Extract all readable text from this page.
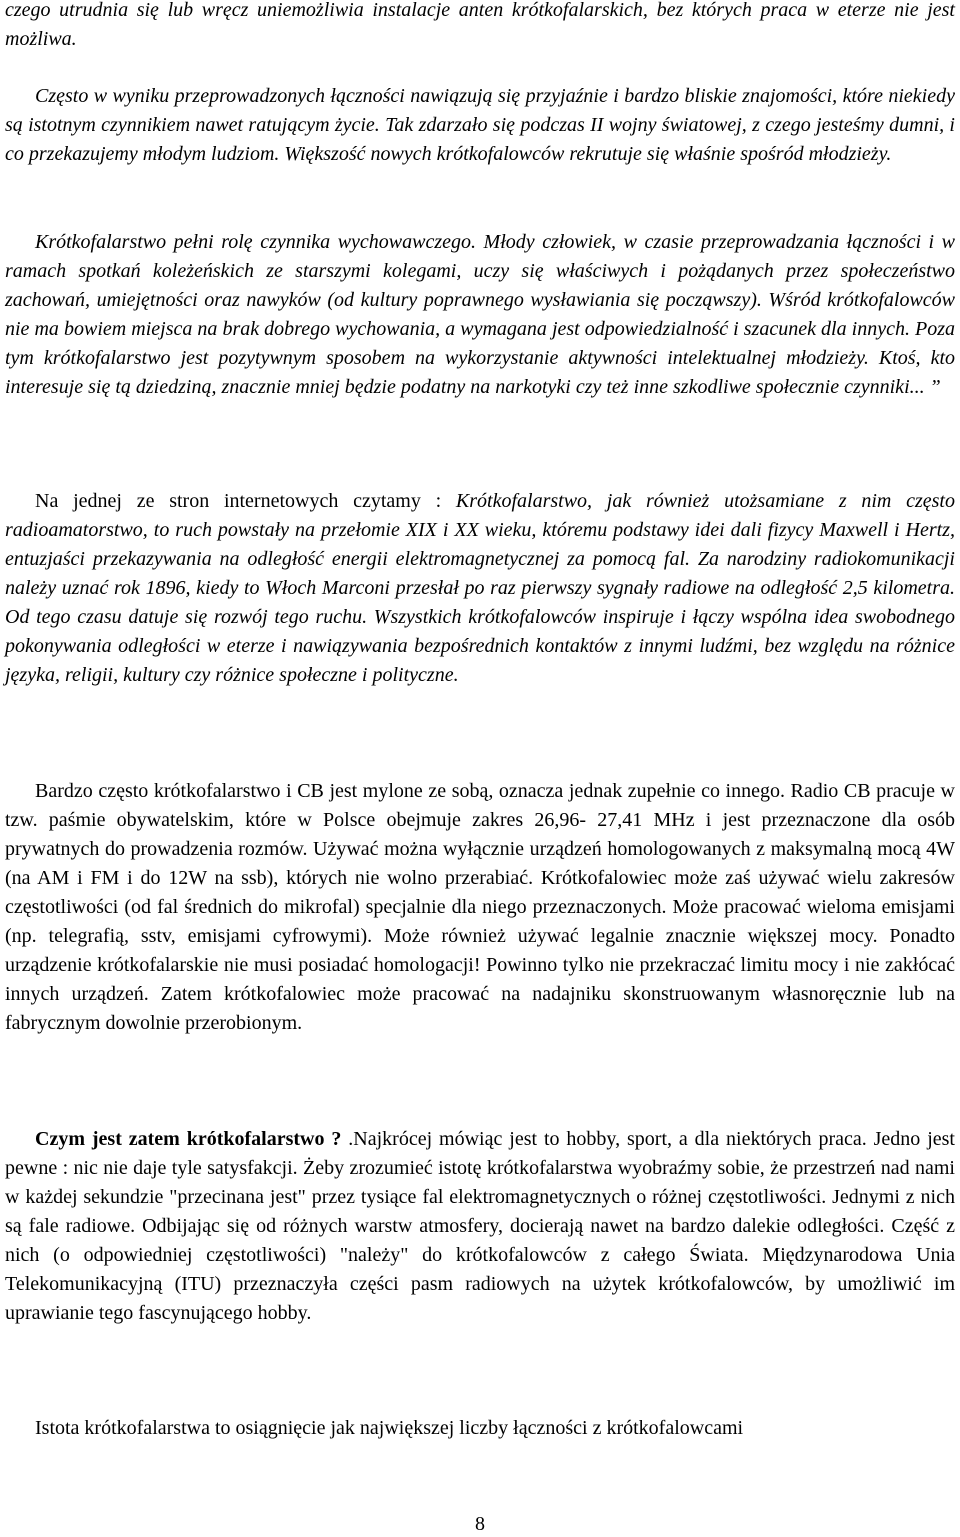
czego utrudnia się lub wręcz uniemożliwia instalacje anten krótkofalarskich, bez których praca w eterze nie jest możliwa.

Często w wyniku przeprowadzonych łączności nawiązują się przyjaźnie i bardzo bliskie znajomości, które niekiedy są istotnym czynnikiem nawet ratującym życie. Tak zdarzało się podczas II wojny światowej, z czego jesteśmy dumni, i co przekazujemy młodym ludziom. Większość nowych krótkofalowców rekrutuje się właśnie spośród młodzieży.

Krótkofalarstwo pełni rolę czynnika wychowawczego. Młody człowiek, w czasie przeprowadzania łączności i w ramach spotkań koleżeńskich ze starszymi kolegami, uczy się właściwych i pożądanych przez społeczeństwo zachowań, umiejętności oraz nawyków (od kultury poprawnego wysławiania się począwszy). Wśród krótkofalowców nie ma bowiem miejsca na brak dobrego wychowania, a wymagana jest odpowiedzialność i szacunek dla innych. Poza tym krótkofalarstwo jest pozytywnym sposobem na wykorzystanie aktywności intelektualnej młodzieży. Ktoś, kto interesuje się tą dziedziną, znacznie mniej będzie podatny na narkotyki czy też inne szkodliwe społecznie czynniki... ”

Na jednej ze stron internetowych czytamy : Krótkofalarstwo, jak również utożsamiane z nim często radioamatorstwo, to ruch powstały na przełomie XIX i XX wieku, któremu podstawy idei dali fizycy Maxwell i Hertz, entuzjaści przekazywania na odległość energii elektromagnetycznej za pomocą fal. Za narodziny radiokomunikacji należy uznać rok 1896, kiedy to Włoch Marconi przesłał po raz pierwszy sygnały radiowe na odległość 2,5 kilometra. Od tego czasu datuje się rozwój tego ruchu. Wszystkich krótkofalowców inspiruje i łączy wspólna idea swobodnego pokonywania odległości w eterze i nawiązywania bezpośrednich kontaktów z innymi ludźmi, bez względu na różnice języka, religii, kultury czy różnice społeczne i polityczne.

Bardzo często krótkofalarstwo i CB jest mylone ze sobą, oznacza jednak zupełnie co innego. Radio CB pracuje w tzw. paśmie obywatelskim, które w Polsce obejmuje zakres 26,96- 27,41 MHz i jest przeznaczone dla osób prywatnych do prowadzenia rozmów. Używać można wyłącznie urządzeń homologowanych z maksymalną mocą 4W (na AM i FM i do 12W na ssb), których nie wolno przerabiać. Krótkofalowiec może zaś używać wielu zakresów częstotliwości (od fal średnich do mikrofal) specjalnie dla niego przeznaczonych. Może pracować wieloma emisjami (np. telegrafią, sstv, emisjami cyfrowymi). Może również używać legalnie znacznie większej mocy. Ponadto urządzenie krótkofalarskie nie musi posiadać homologacji! Powinno tylko nie przekraczać limitu mocy i nie zakłócać innych urządzeń. Zatem krótkofalowiec może pracować na nadajniku skonstruowanym własnoręcznie lub na fabrycznym dowolnie przerobionym.

Czym jest zatem krótkofalarstwo ? .Najkrócej mówiąc jest to hobby, sport, a dla niektórych praca. Jedno jest pewne : nic nie daje tyle satysfakcji. Żeby zrozumieć istotę krótkofalarstwa wyobraźmy sobie, że przestrzeń nad nami w każdej sekundzie "przecinana jest" przez tysiące fal elektromagnetycznych o różnej częstotliwości. Jednymi z nich są fale radiowe. Odbijając się od różnych warstw atmosfery, docierają nawet na bardzo dalekie odległości. Część z nich (o odpowiedniej częstotliwości) "należy" do krótkofalowców z całego Świata. Międzynarodowa Unia Telekomunikacyjną (ITU) przeznaczyła części pasm radiowych na użytek krótkofalowców, by umożliwić im uprawianie tego fascynującego hobby.

Istota krótkofalarstwa to osiągnięcie jak największej liczby łączności z krótkofalowcami

8
